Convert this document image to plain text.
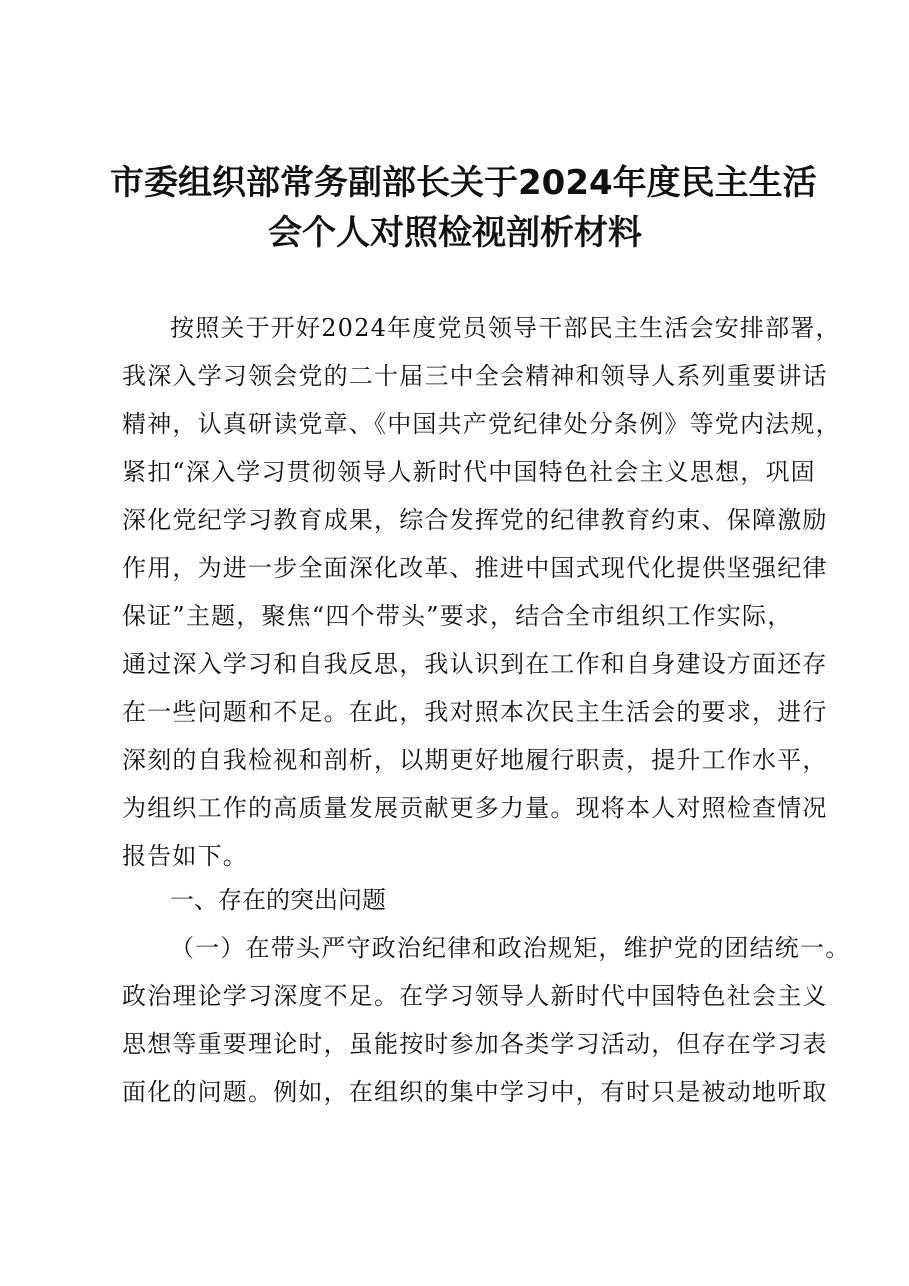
市委组织部常务副部长关于2024年度民主生活
会个人对照检视剖析材料
按照关于开好2024年度党员领导干部民主生活会安排部署，
我深入学习领会党的二十届三中全会精神和领导人系列重要讲话
精神，认真研读党章、《中国共产党纪律处分条例》等党内法规，
紧扣“深入学习贯彻领导人新时代中国特色社会主义思想，巩固
深化党纪学习教育成果，综合发挥党的纪律教育约束、保障激励
作用，为进一步全面深化改革、推进中国式现代化提供坚强纪律
保证”主题，聚焦“四个带头”要求，结合全市组织工作实际，
通过深入学习和自我反思，我认识到在工作和自身建设方面还存
在一些问题和不足。在此，我对照本次民主生活会的要求，进行
深刻的自我检视和剖析，以期更好地履行职责，提升工作水平，
为组织工作的高质量发展贡献更多力量。现将本人对照检查情况
报告如下。
一、存在的突出问题
（一）在带头严守政治纪律和政治规矩，维护党的团结统一。
政治理论学习深度不足。在学习领导人新时代中国特色社会主义
思想等重要理论时，虽能按时参加各类学习活动，但存在学习表
面化的问题。例如，在组织的集中学习中，有时只是被动地听取
